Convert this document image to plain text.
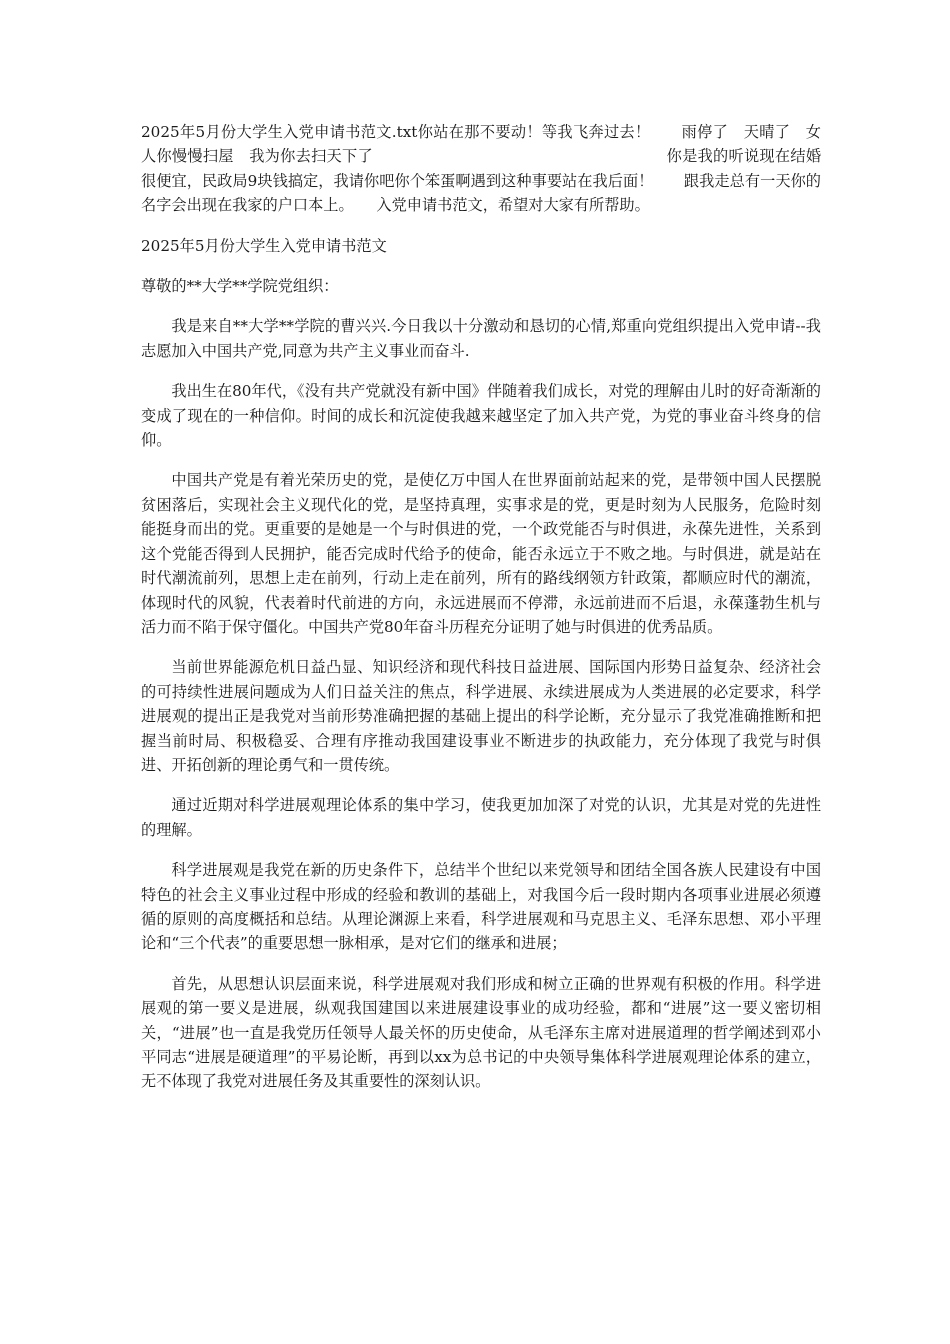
2025年5月份大学生入党申请书范文.txt你站在那不要动！等我飞奔过去！　　雨停了　天晴了　女人你慢慢扫屋　我为你去扫天下了　　　　　　　　　　　　　　　　　　　你是我的听说现在结婚很便宜，民政局9块钱搞定，我请你吧你个笨蛋啊遇到这种事要站在我后面！　　跟我走总有一天你的名字会出现在我家的户口本上。　　入党申请书范文，希望对大家有所帮助。

2025年5月份大学生入党申请书范文

尊敬的**大学**学院党组织：

我是来自**大学**学院的曹兴兴.今日我以十分激动和恳切的心情,郑重向党组织提出入党申请--我志愿加入中国共产党,同意为共产主义事业而奋斗.

我出生在80年代，《没有共产党就没有新中国》伴随着我们成长，对党的理解由儿时的好奇渐渐的变成了现在的一种信仰。时间的成长和沉淀使我越来越坚定了加入共产党，为党的事业奋斗终身的信仰。

中国共产党是有着光荣历史的党，是使亿万中国人在世界面前站起来的党，是带领中国人民摆脱贫困落后，实现社会主义现代化的党，是坚持真理，实事求是的党，更是时刻为人民服务，危险时刻能挺身而出的党。更重要的是她是一个与时俱进的党，一个政党能否与时俱进，永葆先进性，关系到这个党能否得到人民拥护，能否完成时代给予的使命，能否永远立于不败之地。与时俱进，就是站在时代潮流前列，思想上走在前列，行动上走在前列，所有的路线纲领方针政策，都顺应时代的潮流，体现时代的风貌，代表着时代前进的方向，永远进展而不停滞，永远前进而不后退，永葆蓬勃生机与活力而不陷于保守僵化。中国共产党80年奋斗历程充分证明了她与时俱进的优秀品质。

当前世界能源危机日益凸显、知识经济和现代科技日益进展、国际国内形势日益复杂、经济社会的可持续性进展问题成为人们日益关注的焦点，科学进展、永续进展成为人类进展的必定要求，科学进展观的提出正是我党对当前形势准确把握的基础上提出的科学论断，充分显示了我党准确推断和把握当前时局、积极稳妥、合理有序推动我国建设事业不断进步的执政能力，充分体现了我党与时俱进、开拓创新的理论勇气和一贯传统。

通过近期对科学进展观理论体系的集中学习，使我更加加深了对党的认识，尤其是对党的先进性的理解。

科学进展观是我党在新的历史条件下，总结半个世纪以来党领导和团结全国各族人民建设有中国特色的社会主义事业过程中形成的经验和教训的基础上，对我国今后一段时期内各项事业进展必须遵循的原则的高度概括和总结。从理论渊源上来看，科学进展观和马克思主义、毛泽东思想、邓小平理论和“三个代表”的重要思想一脉相承，是对它们的继承和进展；

首先，从思想认识层面来说，科学进展观对我们形成和树立正确的世界观有积极的作用。科学进展观的第一要义是进展，纵观我国建国以来进展建设事业的成功经验，都和“进展”这一要义密切相关，“进展”也一直是我党历任领导人最关怀的历史使命，从毛泽东主席对进展道理的哲学阐述到邓小平同志“进展是硬道理”的平易论断，再到以xx为总书记的中央领导集体科学进展观理论体系的建立，无不体现了我党对进展任务及其重要性的深刻认识。
